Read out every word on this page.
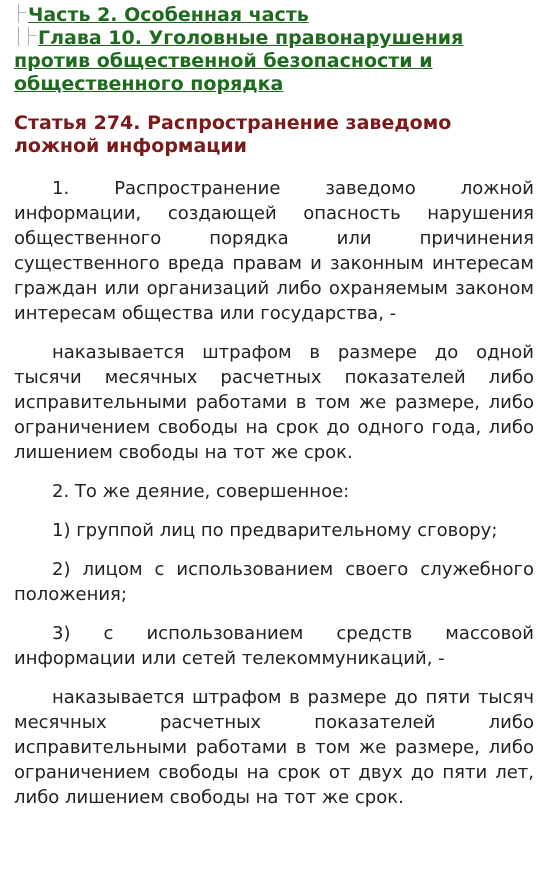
Часть 2. Особенная часть

Глава 10. Уголовные правонарушения против общественной безопасности и общественного порядка

Статья 274. Распространение заведомо ложной информации

1. Распространение заведомо ложной информации, создающей опасность нарушения общественного порядка или причинения существенного вреда правам и законным интересам граждан или организаций либо охраняемым законом интересам общества или государства, -

наказывается штрафом в размере до одной тысячи месячных расчетных показателей либо исправительными работами в том же размере, либо ограничением свободы на срок до одного года, либо лишением свободы на тот же срок.

2. То же деяние, совершенное:

1) группой лиц по предварительному сговору;

2) лицом с использованием своего служебного положения;

3) с использованием средств массовой информации или сетей телекоммуникаций, -

наказывается штрафом в размере до пяти тысяч месячных расчетных показателей либо исправительными работами в том же размере, либо ограничением свободы на срок от двух до пяти лет, либо лишением свободы на тот же срок.
